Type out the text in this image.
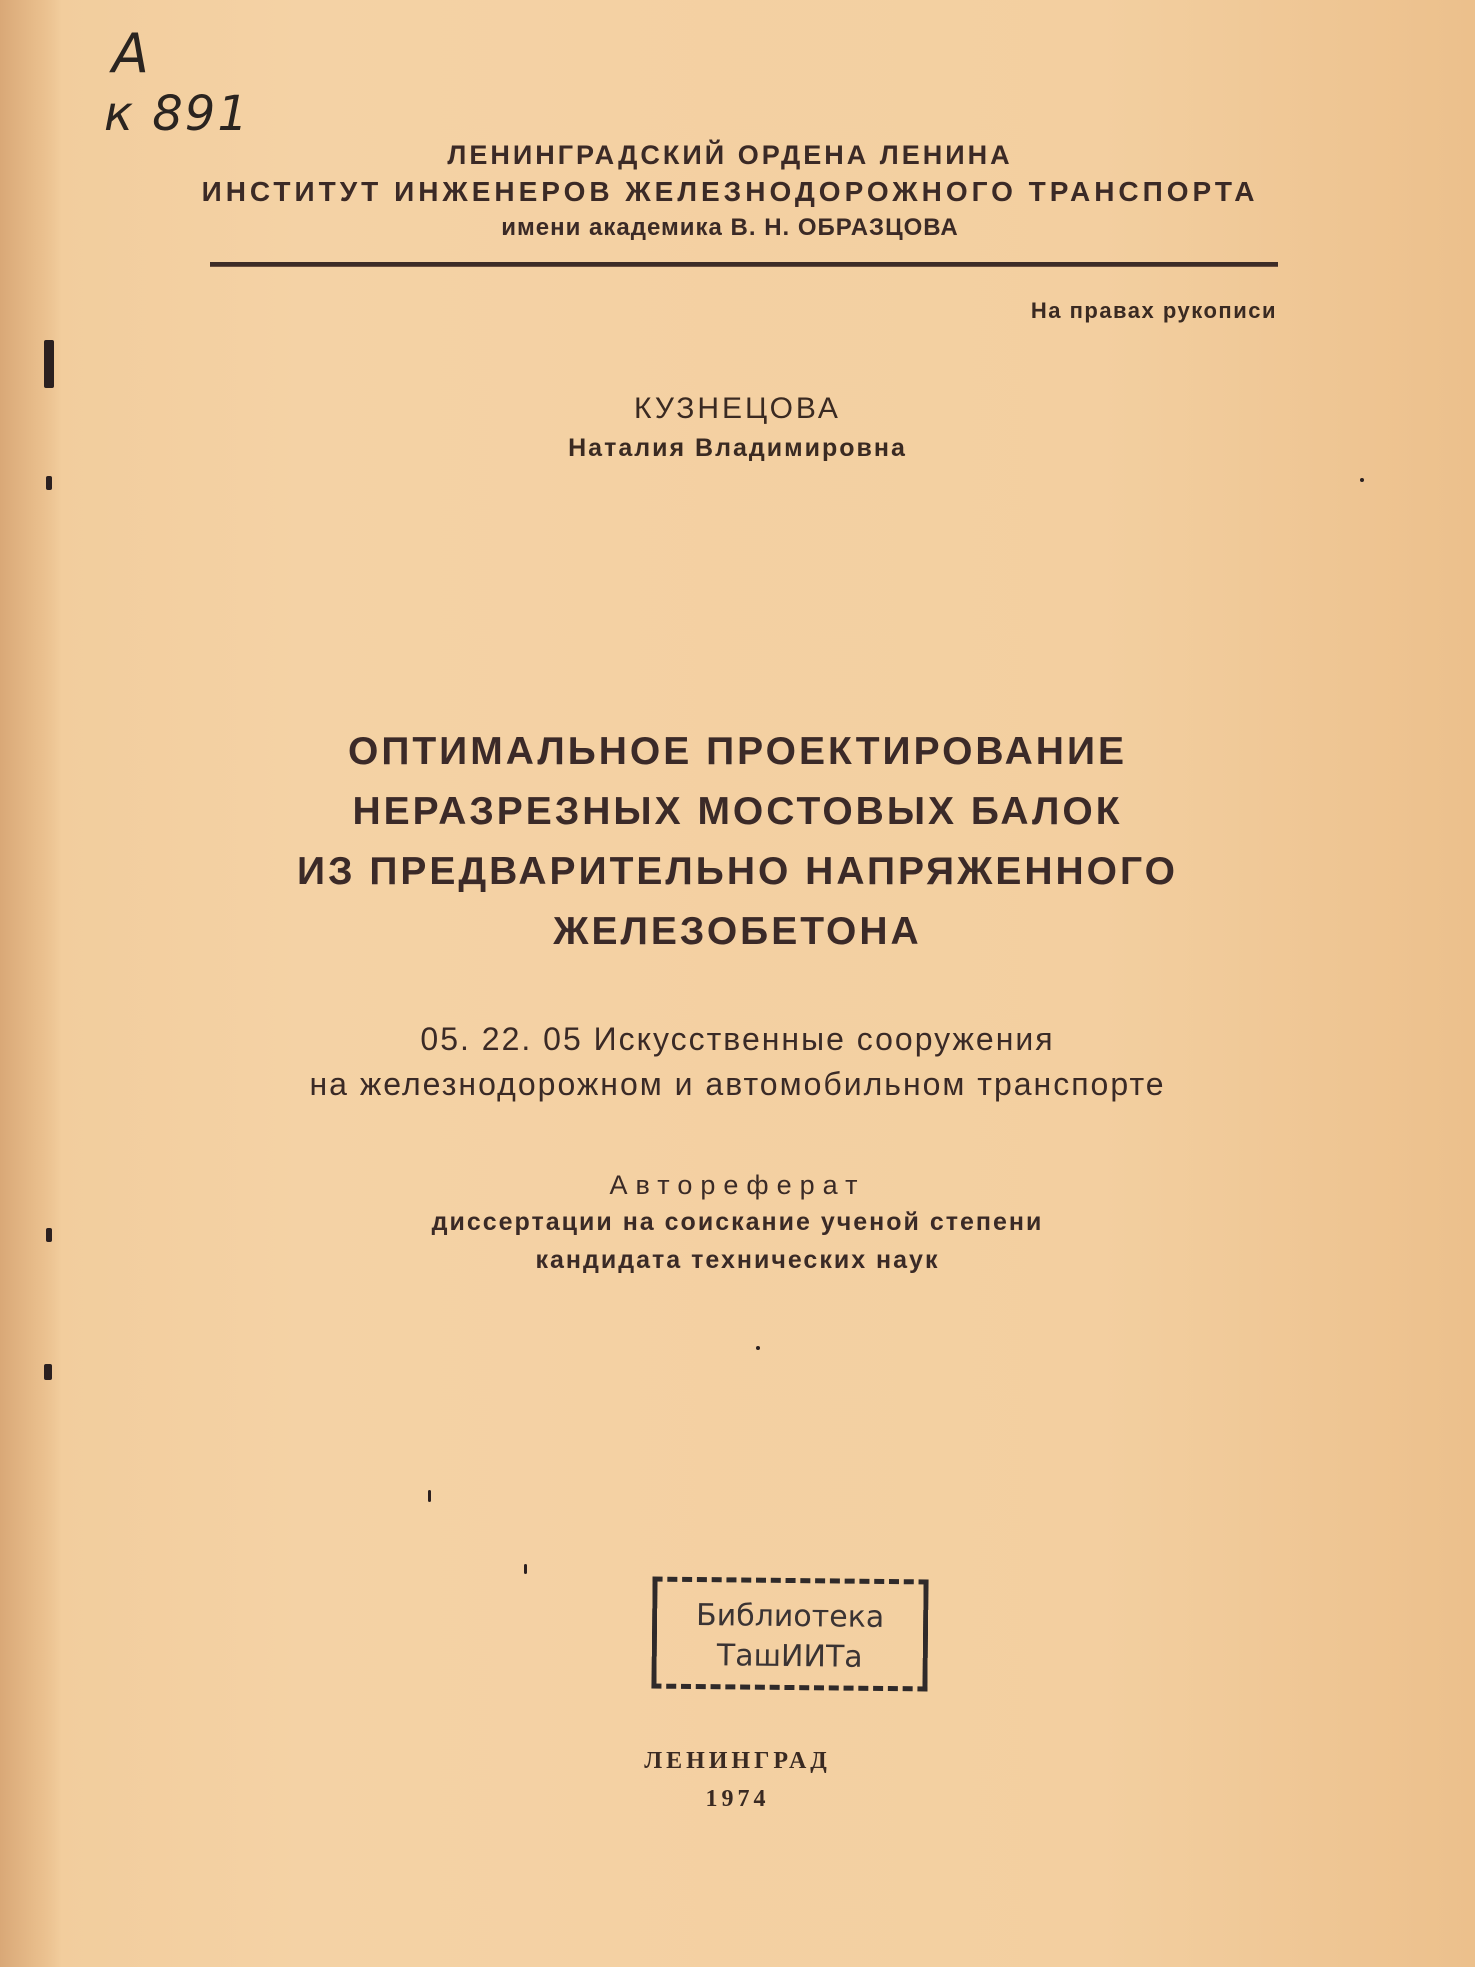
А
к 891
ЛЕНИНГРАДСКИЙ ОРДЕНА ЛЕНИНА
ИНСТИТУТ ИНЖЕНЕРОВ ЖЕЛЕЗНОДОРОЖНОГО ТРАНСПОРТА
имени академика В. Н. ОБРАЗЦОВА
На правах рукописи
КУЗНЕЦОВА
Наталия Владимировна
ОПТИМАЛЬНОЕ ПРОЕКТИРОВАНИЕ
НЕРАЗРЕЗНЫХ МОСТОВЫХ БАЛОК
ИЗ ПРЕДВАРИТЕЛЬНО НАПРЯЖЕННОГО
ЖЕЛЕЗОБЕТОНА
05. 22. 05 Искусственные сооружения
на железнодорожном и автомобильном транспорте
Автореферат
диссертации на соискание ученой степени
кандидата технических наук
Библиотека
ТашИИТа
ЛЕНИНГРАД
1974
